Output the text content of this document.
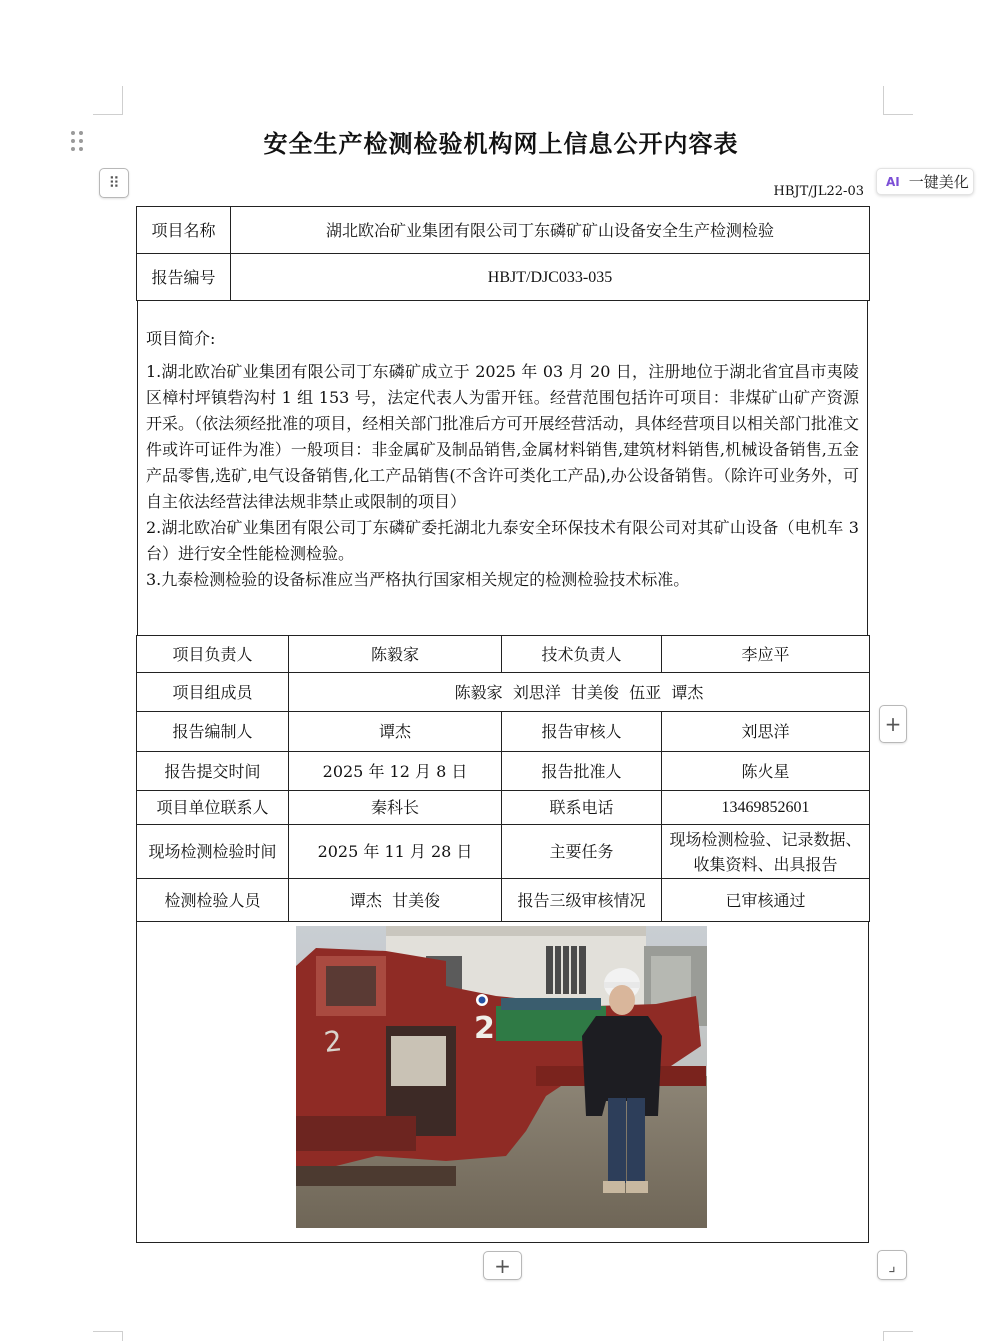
安全生产检测检验机构网上信息公开内容表
⠿	HBJT/JL22-03
AI 一键美化
项目名称	湖北欧冶矿业集团有限公司丁东磷矿矿山设备安全生产检测检验
报告编号	HBJT/DJC033-035

项目简介:

1.湖北欧冶矿业集团有限公司丁东磷矿成立于 2025 年 03 月 20 日，注册地位于湖北省宜昌市夷陵区樟村坪镇砦沟村 1 组 153 号，法定代表人为雷开钰。经营范围包括许可项目：非煤矿山矿产资源开采。（依法须经批准的项目，经相关部门批准后方可开展经营活动，具体经营项目以相关部门批准文件或许可证件为准）一般项目：非金属矿及制品销售,金属材料销售,建筑材料销售,机械设备销售,五金产品零售,选矿,电气设备销售,化工产品销售(不含许可类化工产品),办公设备销售。（除许可业务外，可自主依法经营法律法规非禁止或限制的项目）

2.湖北欧冶矿业集团有限公司丁东磷矿委托湖北九泰安全环保技术有限公司对其矿山设备（电机车 3 台）进行安全性能检测检验。

3.九泰检测检验的设备标准应当严格执行国家相关规定的检测检验技术标准。

项目负责人	陈毅家	技术负责人	李应平
项目组成员	陈毅家  刘思洋  甘美俊  伍亚  谭杰		
报告编制人	谭杰	报告审核人	刘思洋
报告提交时间	2025 年 12 月 8 日	报告批准人	陈火星
项目单位联系人	秦科长	联系电话	13469852601
现场检测检验时间	2025 年 11 月 28 日	主要任务	现场检测检验、记录数据、收集资料、出具报告
检测检验人员	谭杰  甘美俊	报告三级审核情况	已审核通过
2
2
+
+	⌟
